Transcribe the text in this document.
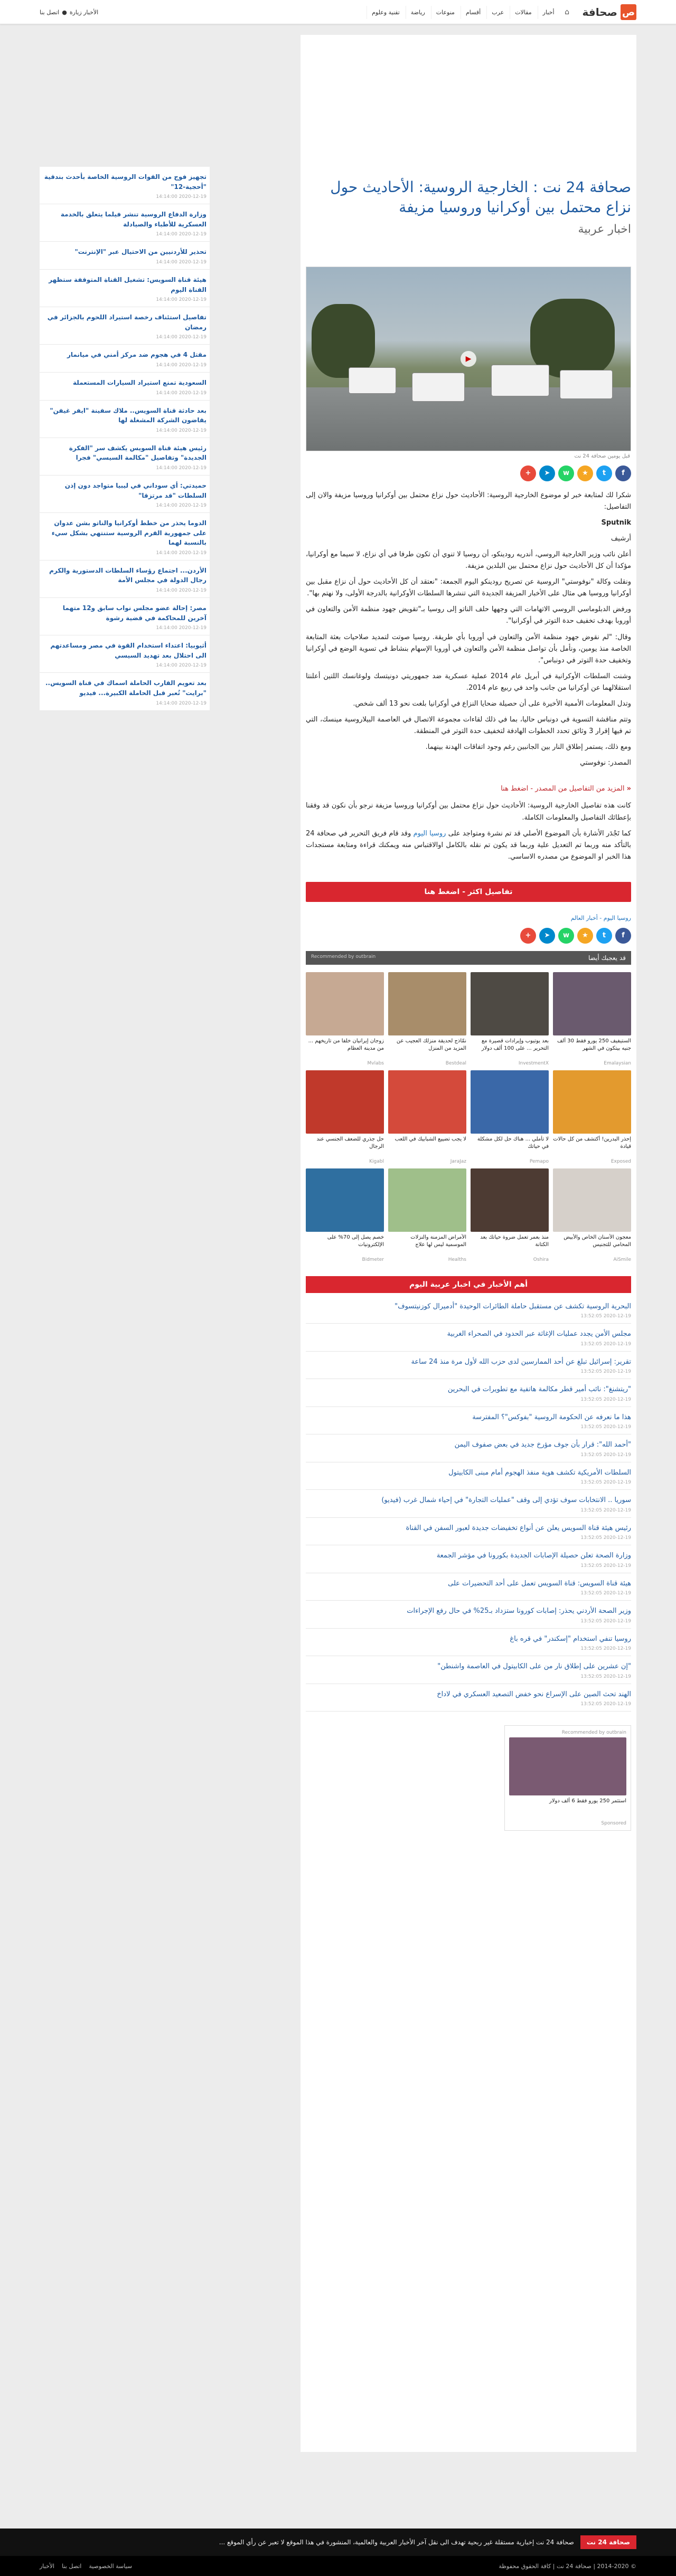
ص
صحافة
⌂
أخبار
مقالات
عرب
أقسام
منوعات
رياضة
تقنية وعلوم
الأخبار زيارة
●
اتصل بنا
صحافة 24 نت : الخارجية الروسية: الأحاديث حول نزاع محتمل بين أوكرانيا وروسيا مزيفة
اخبار عربية
▶
قبل يومين صحافة 24 نت
f
t
★
w
➤
+

شكرا لك لمتابعة خبر لو موضوع الخارجية الروسية: الأحاديث حول نزاع محتمل بين أوكرانيا وروسيا مزيفة والان إلى التفاصيل:

Sputnik

أرشيف

أعلن نائب وزير الخارجية الروسي، أندريه رودينكو، أن روسيا لا تنوي أن تكون طرفا في أي نزاع، لا سيما مع أوكرانيا، مؤكدا أن كل الأحاديث حول نزاع محتمل بين البلدين مزيفة.

ونقلت وكالة "نوفوستي" الروسية عن تصريح رودينكو اليوم الجمعة: "نعتقد أن كل الأحاديث حول أن نزاع مقبل بين أوكرانيا وروسيا هي مثال على الأخبار المزيفة الجديدة التي تنشرها السلطات الأوكرانية بالدرجة الأولى، ولا نهتم بها".

ورفض الدبلوماسي الروسي الاتهامات التي وجهها حلف الناتو إلى روسيا بـ"تقويض جهود منظمة الأمن والتعاون في أوروبا بهدف تخفيف حدة التوتر في أوكرانيا".

وقال: "لم نقوض جهود منظمة الأمن والتعاون في أوروبا بأي طريقة. روسيا صوتت لتمديد صلاحيات بعثة المتابعة الخاصة منذ يومين، ونأمل بأن تواصل منظمة الأمن والتعاون في أوروبا الإسهام بنشاط في تسوية الوضع في أوكرانيا وتخفيف حدة التوتر في دونباس".

وشنت السلطات الأوكرانية في أبريل عام 2014 عملية عسكرية ضد جمهوريتي دونيتسك ولوغانسك اللتين أعلنتا استقلالهما عن أوكرانيا من جانب واحد في ربيع عام 2014.

وتدل المعلومات الأممية الأخيرة على أن حصيلة ضحايا النزاع في أوكرانيا بلغت نحو 13 ألف شخص.

وتتم مناقشة التسوية في دونباس حاليا، بما في ذلك لقاءات مجموعة الاتصال في العاصمة البيلاروسية مينسك، التي تم فيها إقرار 3 وثائق تحدد الخطوات الهادفة لتخفيف حدة التوتر في المنطقة.

ومع ذلك، يستمر إطلاق النار بين الجانبين رغم وجود اتفاقات الهدنة بينهما.

المصدر: نوفوستي

« المزيد من التفاصيل من المصدر - اضغط هنا

كانت هذه تفاصيل الخارجية الروسية: الأحاديث حول نزاع محتمل بين أوكرانيا وروسيا مزيفة نرجو بأن نكون قد وفقنا بإعطائك التفاصيل والمعلومات الكاملة.

كما تَجْدَر الأشارة بأن الموضوع الأصلي قد تم نشرة ومتواجد على روسيا اليوم وقد قام فريق التحرير في صحافة 24 بالتأكد منه وربما تم التعديل علية وربما قد يكون تم نقله بالكامل اوالاقتباس منه ويمكنك قراءة ومتابعة مستجدات هذا الخبر او الموضوع من مصدره الاساسي.

تفاصيل اكثر - اضغط هنا
روسيا اليوم - أخبار العالم
f
t
★
w
➤
+
قد يعجبك أيضا
Recommended by outbrain
الستيفيف 250 يورو فقط 30 ألف جنيه بيتكون في الشهر
Emalaysian
بعد يوتيوب وإيرادات قصيرة مع التحرير ... على 100 ألف دولار
InvestmentX
نمّاذج لحديقة منزلك العجيب عن المزيد من المنزل
Bestdeal
زوجان إيرانيان خلفا من تاريخهم ... من مدينة العظام
Mvlabs
إحذر البدرين! أكتشف من كل حالات قيادة
Exposed
لا تأملي ... هناك حل لكل مشكلة في حياتك
Pemapo
لا يجب تضييع الشبابيك في اللعب
JaraJaz
حل جذري للضعف الجنسي عند الرجال
Kigabl
معجون الأسنان الخاص والأبيض المحامي للتجنيس
AiSmile
منذ بعمر تعمل ضروة حياتك بعد الكتانة
Oshira
الأمراض المزمنة والنزلات الموسمية ليس لها علاج
Healths
خصم يصل إلى 70% على الإلكترونيات
Bidmeter
أهم الأخبار في اخبار عربية اليوم
البحرية الروسية تكشف عن مستقبل حاملة الطائرات الوحيدة "أدميرال كوزنيتسوف"
2020-12-19 13:52:05
مجلس الأمن يجدد عمليات الإغاثة عبر الحدود في الصحراء الغربية
2020-12-19 13:52:05
تقرير: إسرائيل تبلغ عن أحد الممارسين لدى حزب الله لأول مرة منذ 24 ساعة
2020-12-19 13:52:05
"ريتشنغ": نائب أمير قطر مكالمة هاتفية مع تطويرات في البحرين
2020-12-19 13:52:05
هذا ما نعرفه عن الحكومة الروسية "بفوكس"؟ المفترسة
2020-12-19 13:52:05
"أحمد الله": قرار بأن جوف مؤرخ جديد في بعض صفوف اليمن
2020-12-19 13:52:05
السلطات الأمريكية تكشف هوية منفذ الهجوم أمام مبنى الكابيتول
2020-12-19 13:52:05
سوريا .. الانتخابات سوف تؤدي إلى وقف "عمليات التجارة" في إحياء شمال غرب (فيديو)
2020-12-19 13:52:05
رئيس هيئة قناة السويس يعلن عن أنواع تخفيضات جديدة لعبور السفن في القناة
2020-12-19 13:52:05
وزارة الصحة تعلن حصيلة الإصابات الجديدة بكورونا في مؤشر الجمعة
2020-12-19 13:52:05
هيئة قناة السويس: قناة السويس تعمل على أحد التحضيرات على
2020-12-19 13:52:05
وزير الصحة الأردني يحذر: إصابات كورونا ستزداد بـ25% في حال رفع الإجراءات
2020-12-19 13:52:05
روسيا تنفي استخدام "إسكندر" في قره باغ
2020-12-19 13:52:05
"إن عشرين على إطلاق نار من على الكابيتول في العاصمة واشنطن"
2020-12-19 13:52:05
الهند تحث الصين على الإسراع نحو خفض التصعيد العسكري في لاداخ
2020-12-19 13:52:05
Recommended by outbrain
استثمر 250 يورو فقط 6 ألف دولار
Sponsored
تجهيز فوج من القوات الروسية الخاصة بأحدث بندقية "أحجية-12"
2020-12-19 14:14:00
وزارة الدفاع الروسية تنشر فيلما يتعلق بالخدمة العسكرية للأطباء والصيادلة
2020-12-19 14:14:00
تحذير للأردنيين من الاحتيال عبر "الإنترنت"
2020-12-19 14:14:00
هيئة قناة السويس: تشغيل القناة المتوقفة ستظهر القناة اليوم
2020-12-19 14:14:00
تفاصيل استئناف رخصة استيراد اللحوم بالجزائر في رمضان
2020-12-19 14:14:00
مقتل 4 في هجوم ضد مركز أمني في ميانمار
2020-12-19 14:14:00
السعودية تمنع استيراد السيارات المستعملة
2020-12-19 14:14:00
بعد حادثة قناة السويس.. ملاك سفينة "ايفر غيفن" يقاضون الشركة المشغلة لها
2020-12-19 14:14:00
رئيس هيئة قناة السويس يكشف سر "الفكرة الجديدة" وتفاصيل "مكالمة السيسي" فجرا
2020-12-19 14:14:00
حميدتي: أي سوداني في ليبيا متواجد دون إذن السلطات "قد مرتزقا"
2020-12-19 14:14:00
الدوما يحذر من خطط أوكرانيا والناتو بشن عدوان على جمهورية القرم الروسية ستنتهي بشكل سيء بالنسبة لهما
2020-12-19 14:14:00
الأردن... اجتماع رؤساء السلطات الدستورية والكرم رجال الدولة في مجلس الأمة
2020-12-19 14:14:00
مصر: إحالة عضو مجلس نواب سابق و12 متهما آخرين للمحاكمة في قضية رشوة
2020-12-19 14:14:00
أثيوبيا: اعتداء استخدام القوة في مصر ومساعدتهم الى احتلال بعد تهديد السيسي
2020-12-19 14:14:00
بعد تعويم القارب الحاملة اسماك في قناة السويس.. "برايت" تُعبر قبل الحاملة الكبيرة... فيديو
2020-12-19 14:14:00
صحافة 24 نت
صحافة 24 نت إخبارية مستقلة غير ربحية تهدف الى نقل آخر الأخبار العربية والعالمية، المنشورة في هذا الموقع لا تعبر عن رأي الموقع ...
© 2014-2020 | صحافة 24 نت | كافة الحقوق محفوظة
سياسة الخصوصية
اتصل بنا
الأخبار
